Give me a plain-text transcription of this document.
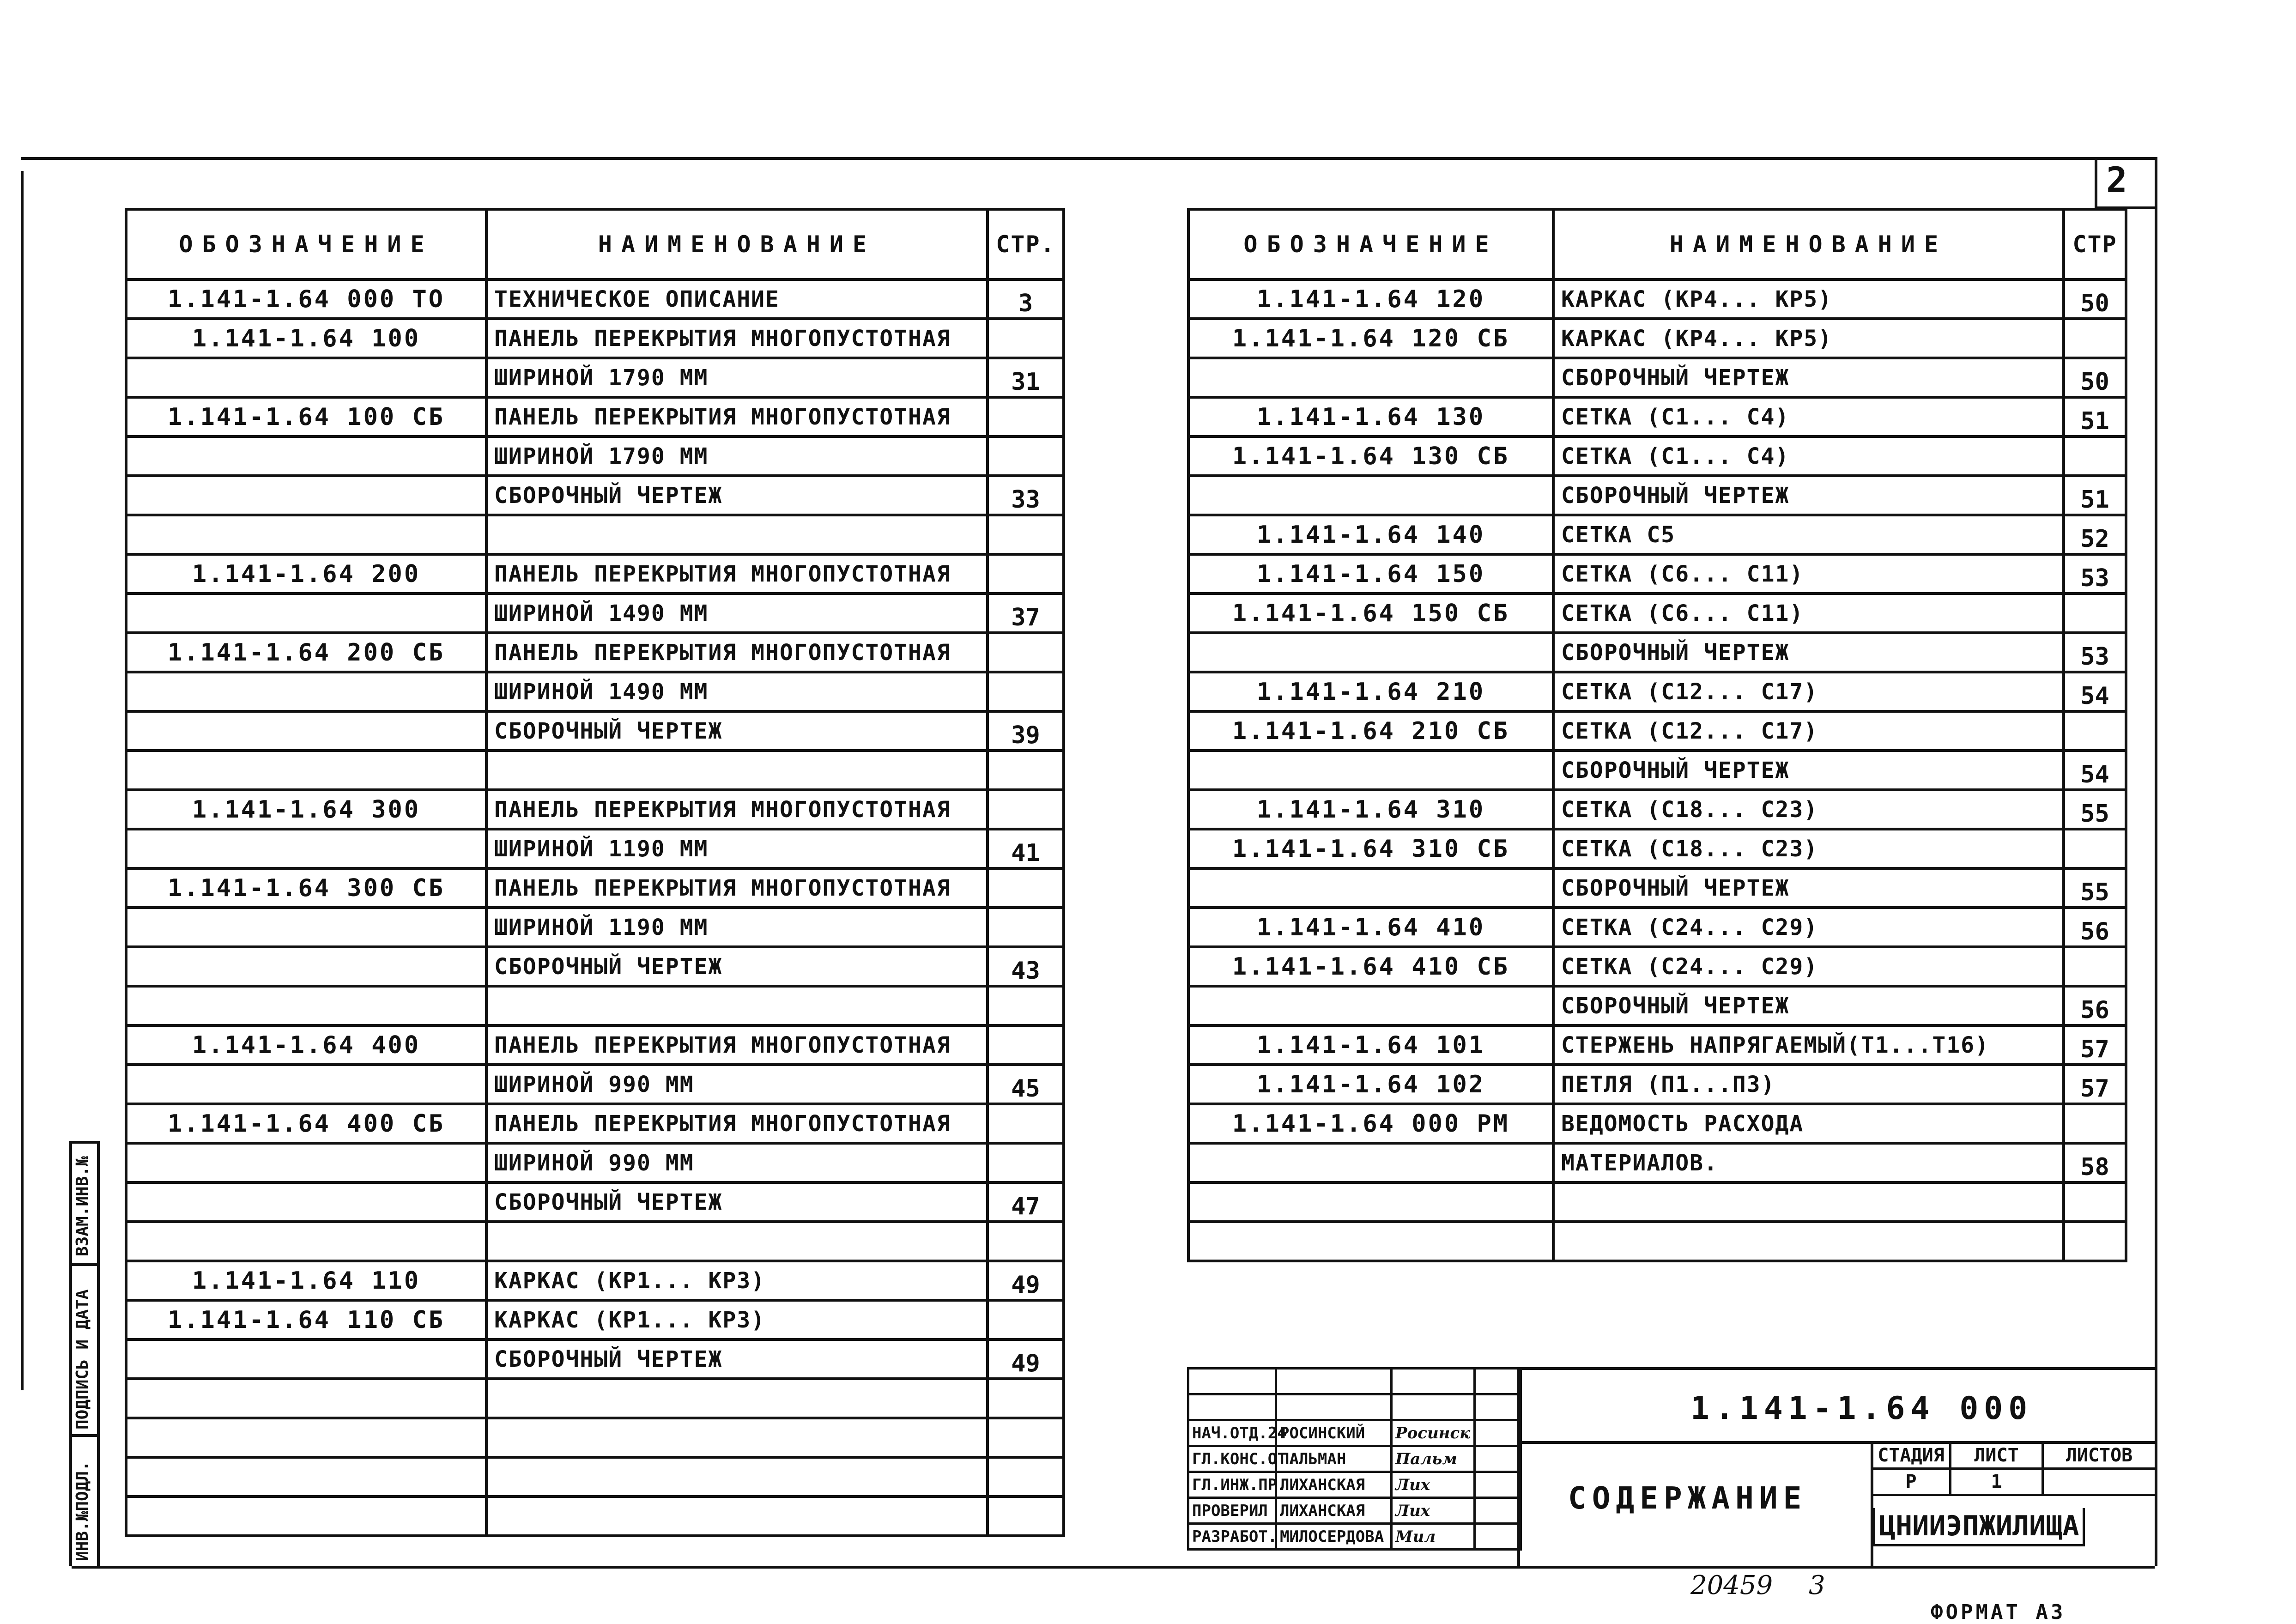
2
ВЗАМ.ИНВ.№
ПОДПИСЬ И ДАТА
ИНВ.№ПОДЛ.
ОБОЗНАЧЕНИЕ	НАИМЕНОВАНИЕ	СТР.
1.141-1.64 000 ТО	ТЕХНИЧЕСКОЕ ОПИСАНИЕ	3
1.141-1.64 100	ПАНЕЛЬ ПЕРЕКРЫТИЯ МНОГОПУСТОТНАЯ	
	ШИРИНОЙ 1790 ММ	31
1.141-1.64 100 СБ	ПАНЕЛЬ ПЕРЕКРЫТИЯ МНОГОПУСТОТНАЯ	
	ШИРИНОЙ 1790 ММ	
	СБОРОЧНЫЙ ЧЕРТЕЖ	33

1.141-1.64 200	ПАНЕЛЬ ПЕРЕКРЫТИЯ МНОГОПУСТОТНАЯ	
	ШИРИНОЙ 1490 ММ	37
1.141-1.64 200 СБ	ПАНЕЛЬ ПЕРЕКРЫТИЯ МНОГОПУСТОТНАЯ	
	ШИРИНОЙ 1490 ММ	
	СБОРОЧНЫЙ ЧЕРТЕЖ	39

1.141-1.64 300	ПАНЕЛЬ ПЕРЕКРЫТИЯ МНОГОПУСТОТНАЯ	
	ШИРИНОЙ 1190 ММ	41
1.141-1.64 300 СБ	ПАНЕЛЬ ПЕРЕКРЫТИЯ МНОГОПУСТОТНАЯ	
	ШИРИНОЙ 1190 ММ	
	СБОРОЧНЫЙ ЧЕРТЕЖ	43

1.141-1.64 400	ПАНЕЛЬ ПЕРЕКРЫТИЯ МНОГОПУСТОТНАЯ	
	ШИРИНОЙ 990 ММ	45
1.141-1.64 400 СБ	ПАНЕЛЬ ПЕРЕКРЫТИЯ МНОГОПУСТОТНАЯ	
	ШИРИНОЙ 990 ММ	
	СБОРОЧНЫЙ ЧЕРТЕЖ	47

1.141-1.64 110	КАРКАС (КР1... КР3)	49
1.141-1.64 110 СБ	КАРКАС (КР1... КР3)	
	СБОРОЧНЫЙ ЧЕРТЕЖ	49

ОБОЗНАЧЕНИЕ	НАИМЕНОВАНИЕ	СТР
1.141-1.64 120	КАРКАС (КР4... КР5)	50
1.141-1.64 120 СБ	КАРКАС (КР4... КР5)	
	СБОРОЧНЫЙ ЧЕРТЕЖ	50
1.141-1.64 130	СЕТКА (С1... С4)	51
1.141-1.64 130 СБ	СЕТКА (С1... С4)	
	СБОРОЧНЫЙ ЧЕРТЕЖ	51
1.141-1.64 140	СЕТКА С5	52
1.141-1.64 150	СЕТКА (С6... С11)	53
1.141-1.64 150 СБ	СЕТКА (С6... С11)	
	СБОРОЧНЫЙ ЧЕРТЕЖ	53
1.141-1.64 210	СЕТКА (С12... С17)	54
1.141-1.64 210 СБ	СЕТКА (С12... С17)	
	СБОРОЧНЫЙ ЧЕРТЕЖ	54
1.141-1.64 310	СЕТКА (С18... С23)	55
1.141-1.64 310 СБ	СЕТКА (С18... С23)	
	СБОРОЧНЫЙ ЧЕРТЕЖ	55
1.141-1.64 410	СЕТКА (С24... С29)	56
1.141-1.64 410 СБ	СЕТКА (С24... С29)	
	СБОРОЧНЫЙ ЧЕРТЕЖ	56
1.141-1.64 101	СТЕРЖЕНЬ НАПРЯГАЕМЫЙ(Т1...Т16)	57
1.141-1.64 102	ПЕТЛЯ (П1...П3)	57
1.141-1.64 000 РМ	ВЕДОМОСТЬ РАСХОДА	
	МАТЕРИАЛОВ.	58

НАЧ.ОТД.24	РОСИНСКИЙ	Росинск	
ГЛ.КОНС.ОТ.	ПАЛЬМАН	Пальм	
ГЛ.ИНЖ.ПР.	ЛИХАНСКАЯ	Лих	
ПРОВЕРИЛ	ЛИХАНСКАЯ	Лих	
РАЗРАБОТ.	МИЛОСЕРДОВА	Мил	
1.141-1.64 000
СОДЕРЖАНИЕ
СТАДИЯ	ЛИСТ	ЛИСТОВ
Р	1	
ЦНИИЭПЖИЛИЩА
20459 3
ФОРМАТ А3
